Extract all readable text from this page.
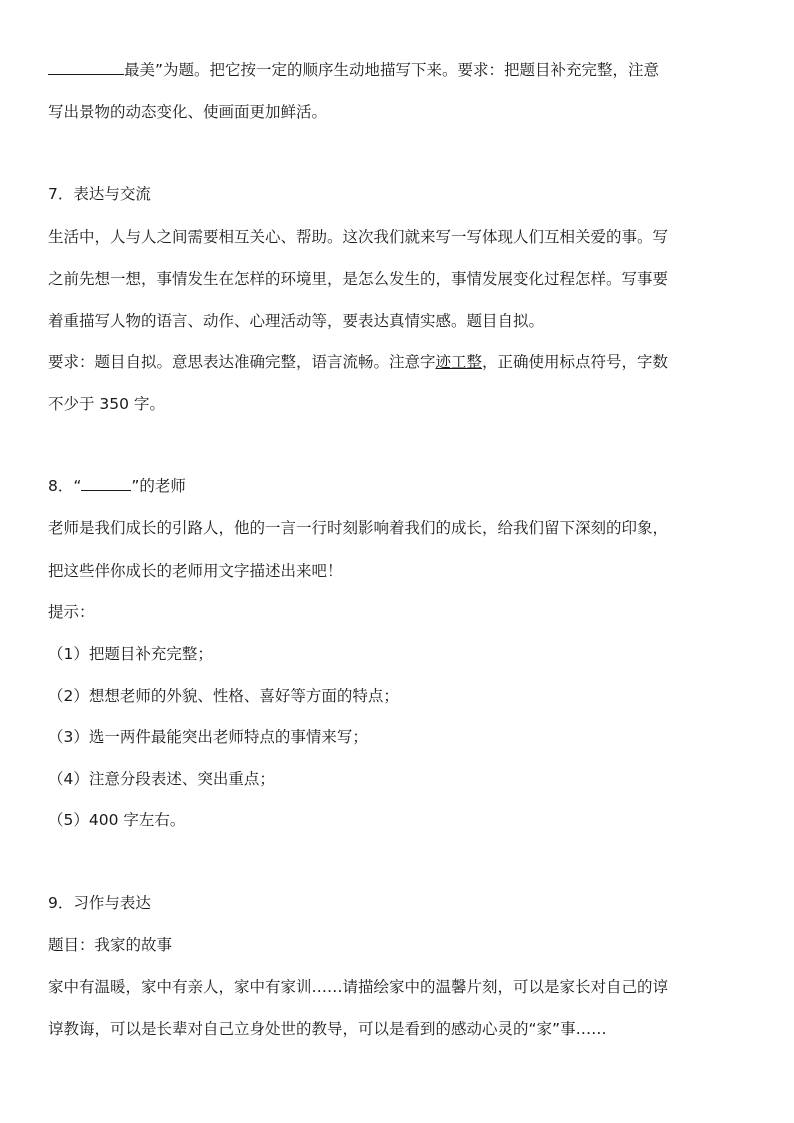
最美”为题。把它按一定的顺序生动地描写下来。要求：把题目补充完整，注意
写出景物的动态变化、使画面更加鲜活。
7．表达与交流
生活中，人与人之间需要相互关心、帮助。这次我们就来写一写体现人们互相关爱的事。写
之前先想一想，事情发生在怎样的环境里，是怎么发生的，事情发展变化过程怎样。写事要
着重描写人物的语言、动作、心理活动等，要表达真情实感。题目自拟。
要求：题目自拟。意思表达准确完整，语言流畅。注意字迹工整，正确使用标点符号，字数
不少于 350 字。
8．“	”的老师
老师是我们成长的引路人，他的一言一行时刻影响着我们的成长，给我们留下深刻的印象，
把这些伴你成长的老师用文字描述出来吧！
提示：
（1）把题目补充完整；
（2）想想老师的外貌、性格、喜好等方面的特点；
（3）选一两件最能突出老师特点的事情来写；
（4）注意分段表述、突出重点；
（5）400 字左右。
9．习作与表达
题目：我家的故事
家中有温暖，家中有亲人，家中有家训……请描绘家中的温馨片刻，可以是家长对自己的谆
谆教诲，可以是长辈对自己立身处世的教导，可以是看到的感动心灵的“家”事……
